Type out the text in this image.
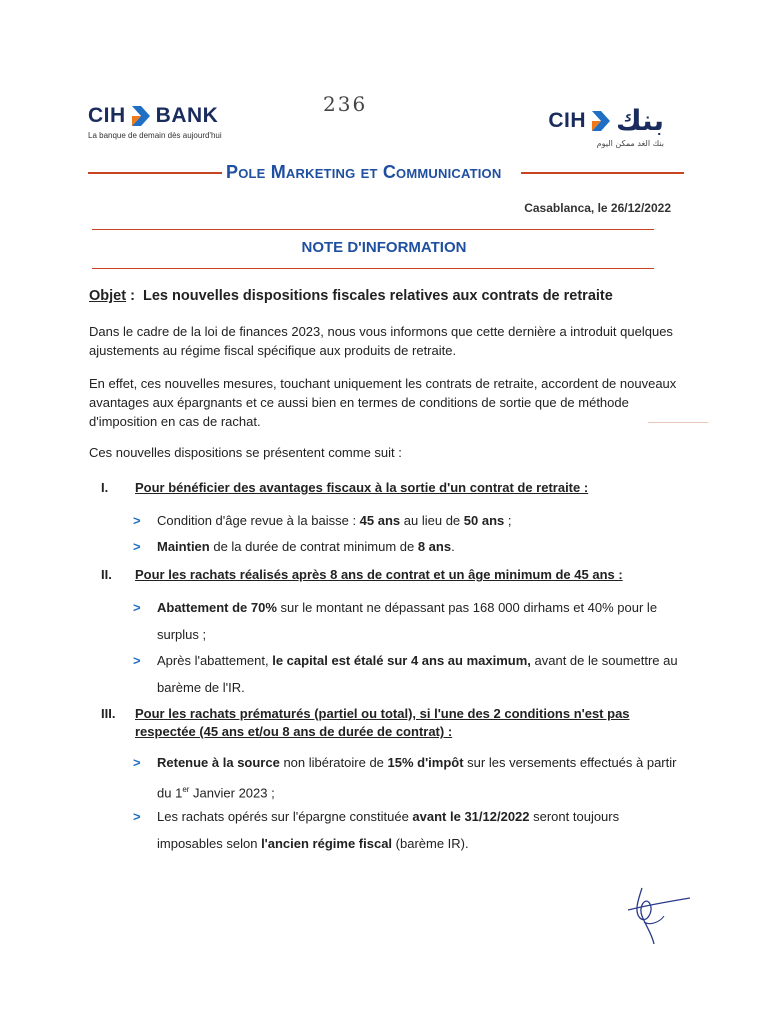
CIH BANK
La banque de demain dès aujourd'hui
236
CIH بنك
بنك الغد ممكن اليوم
Pole Marketing et Communication
Casablanca, le 26/12/2022
NOTE D'INFORMATION
Objet : Les nouvelles dispositions fiscales relatives aux contrats de retraite
Dans le cadre de la loi de finances 2023, nous vous informons que cette dernière a introduit quelques ajustements au régime fiscal spécifique aux produits de retraite.
En effet, ces nouvelles mesures, touchant uniquement les contrats de retraite, accordent de nouveaux avantages aux épargnants et ce aussi bien en termes de conditions de sortie que de méthode d'imposition en cas de rachat.
Ces nouvelles dispositions se présentent comme suit :
I.	Pour bénéficier des avantages fiscaux à la sortie d'un contrat de retraite :
>	Condition d'âge revue à la baisse : 45 ans au lieu de 50 ans ;
>	Maintien de la durée de contrat minimum de 8 ans.
II.	Pour les rachats réalisés après 8 ans de contrat et un âge minimum de 45 ans :
>	Abattement de 70% sur le montant ne dépassant pas 168 000 dirhams et 40% pour le surplus ;
>	Après l'abattement, le capital est étalé sur 4 ans au maximum, avant de le soumettre au barème de l'IR.
III.	Pour les rachats prématurés (partiel ou total), si l'une des 2 conditions n'est pas respectée (45 ans et/ou 8 ans de durée de contrat) :
>	Retenue à la source non libératoire de 15% d'impôt sur les versements effectués à partir du 1er Janvier 2023 ;
>	Les rachats opérés sur l'épargne constituée avant le 31/12/2022 seront toujours imposables selon l'ancien régime fiscal (barème IR).
